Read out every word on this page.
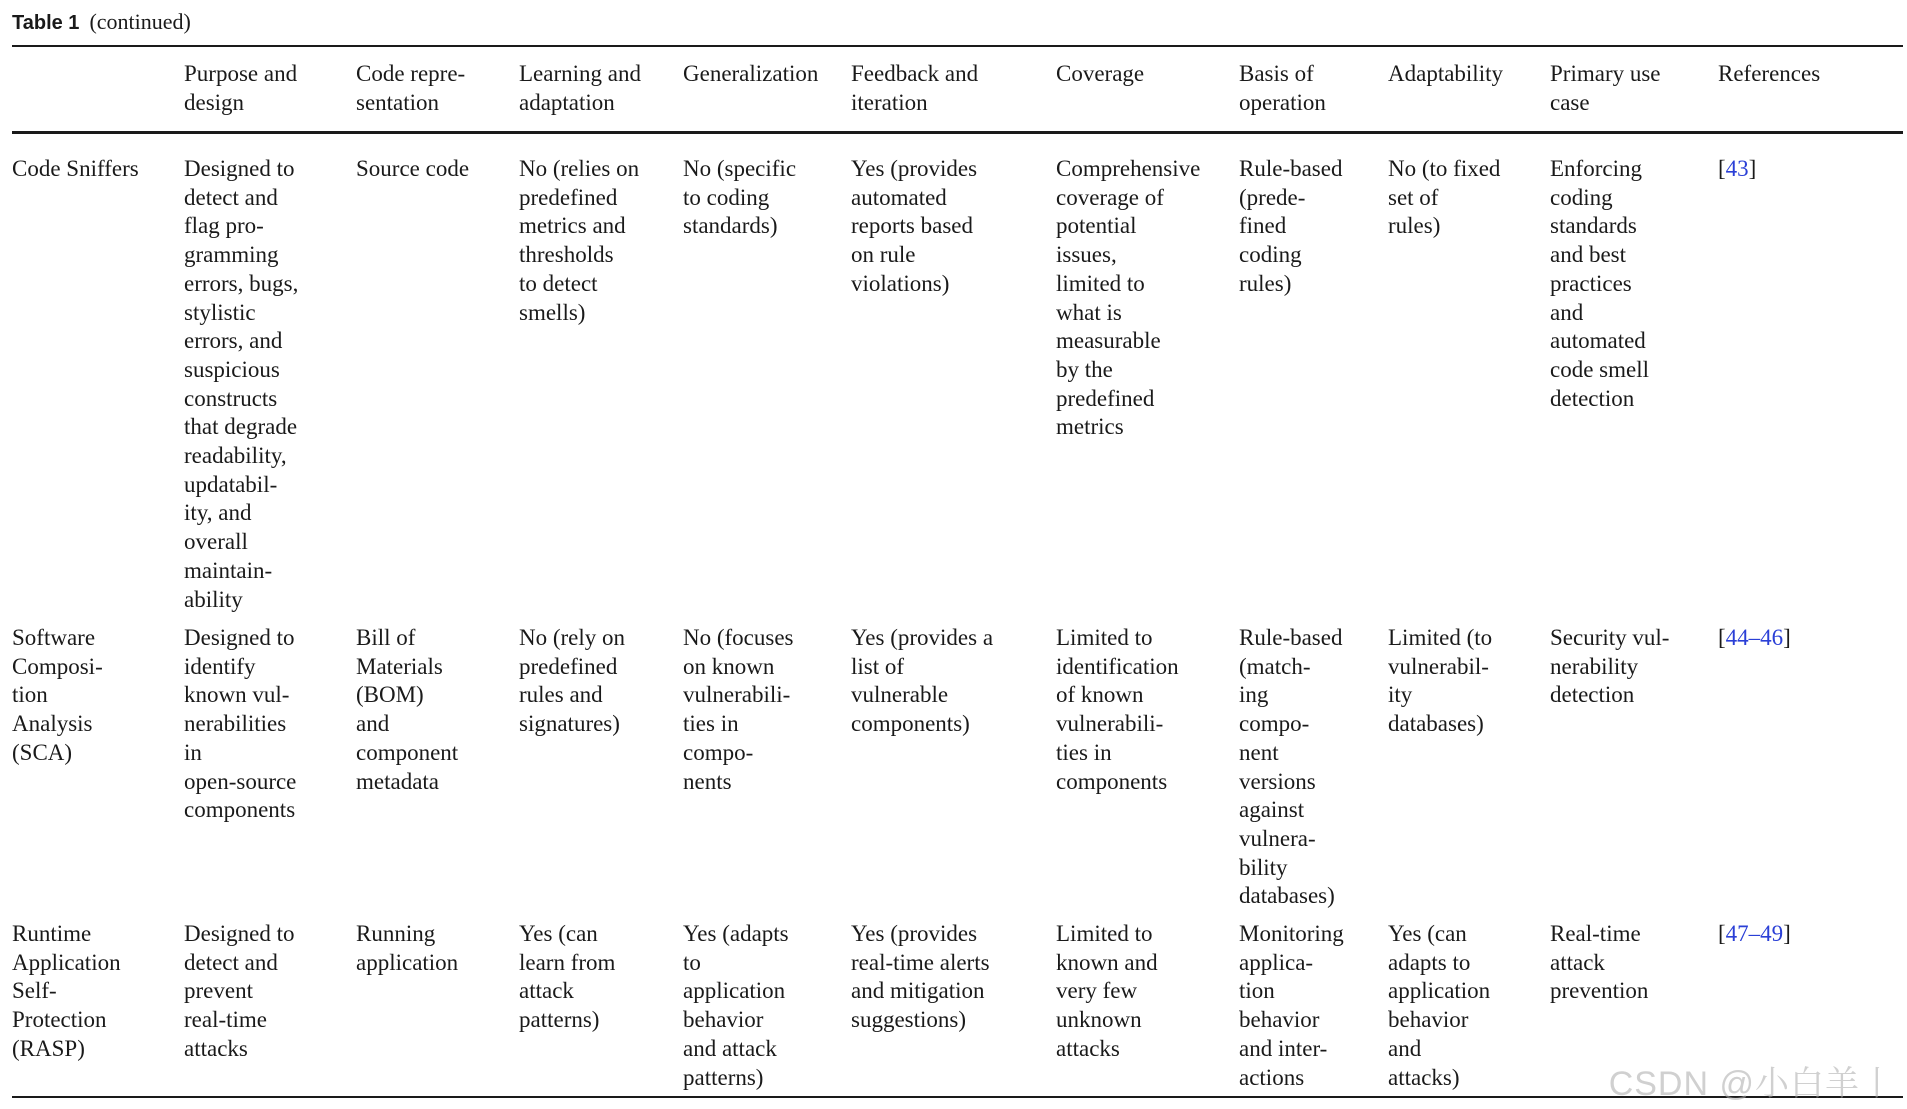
Table 1 (continued)
Purpose and
design
Code repre-
sentation
Learning and
adaptation
Generalization Feedback and
iteration
Coverage	Basis of
operation
Adaptability Primary use
case
References
Code Sniffers Designed to
detect and
flag pro-
gramming
errors, bugs,
stylistic
errors, and
suspicious
constructs
that degrade
readability,
updatabil-
ity, and
overall
maintain-
ability
Source code No (relies on
predefined
metrics and
thresholds
to detect
smells)
No (specific
to coding
standards)
Yes (provides
automated
reports based
on rule
violations)
Comprehensive
coverage of
potential
issues,
limited to
what is
measurable
by the
predefined
metrics
Rule-based
(prede-
fined
coding
rules)
No (to fixed
set of
rules)
Enforcing
coding
standards
and best
practices
and
automated
code smell
detection
[43]
Software
Composi-
tion
Analysis
(SCA)
Designed to
identify
known vul-
nerabilities
in
open-source
components
Bill of
Materials
(BOM)
and
component
metadata
No (rely on
predefined
rules and
signatures)
No (focuses
on known
vulnerabili-
ties in
compo-
nents
Yes (provides a
list of
vulnerable
components)
Limited to
identification
of known
vulnerabili-
ties in
components
Rule-based
(match-
ing
compo-
nent
versions
against
vulnera-
bility
databases)
Limited (to
vulnerabil-
ity
databases)
Security vul-
nerability
detection
[44–46]
Runtime
Application
Self-
Protection
(RASP)
Designed to
detect and
prevent
real-time
attacks
Running
application
Yes (can
learn from
attack
patterns)
Yes (adapts
to
application
behavior
and attack
patterns)
Yes (provides
real-time alerts
and mitigation
suggestions)
Limited to
known and
very few
unknown
attacks
Monitoring
applica-
tion
behavior
and inter-
actions
Yes (can
adapts to
application
behavior
and
attacks)
Real-time
attack
prevention
[47–49]
CSDN @小白羊丨
